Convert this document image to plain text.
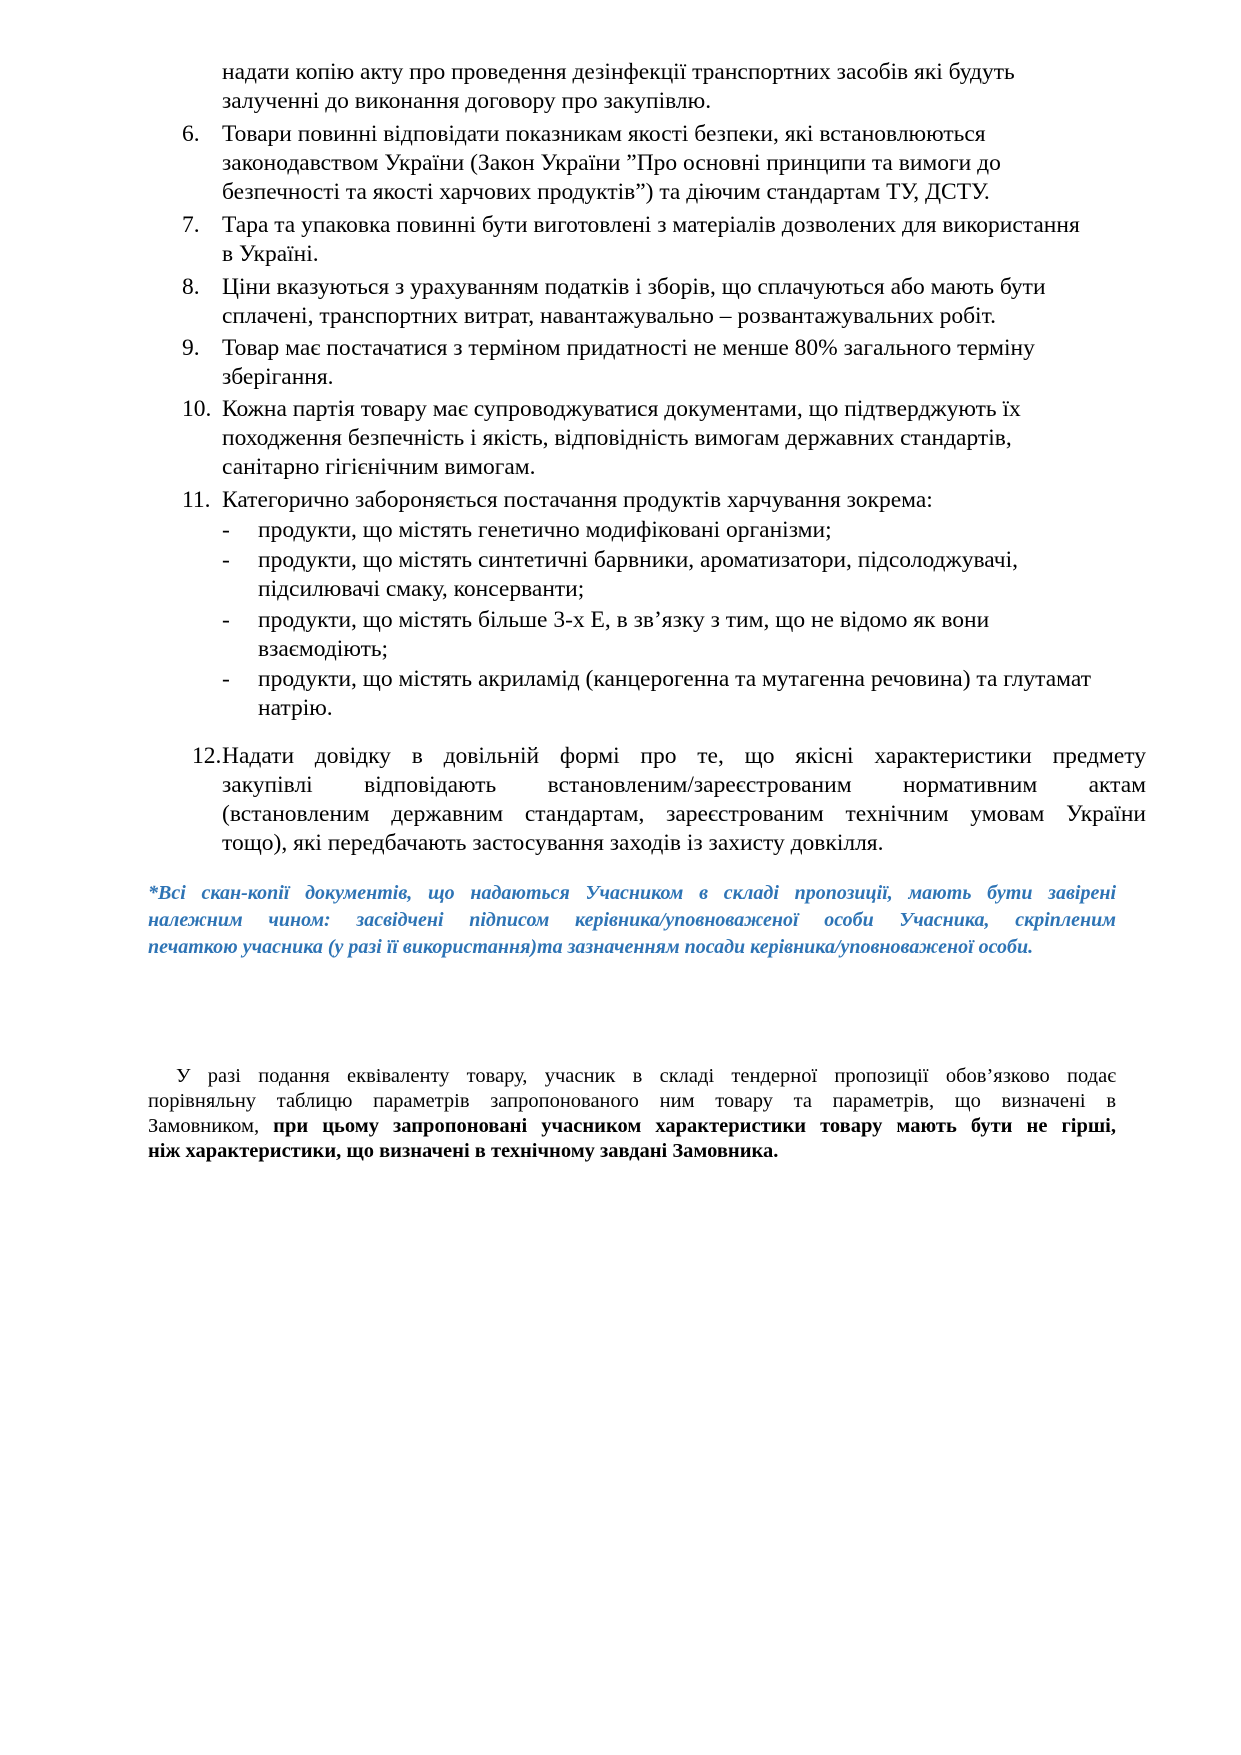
надати копію акту про проведення дезінфекції транспортних засобів які будуть
залученні до виконання договору про закупівлю.
6. Товари повинні відповідати показникам якості безпеки, які встановлюються
законодавством України (Закон України ”Про основні принципи та вимоги до
безпечності та якості харчових продуктів”) та діючим стандартам ТУ, ДСТУ.
7. Тара та упаковка повинні бути виготовлені з матеріалів дозволених для використання
в Україні.
8. Ціни вказуються з урахуванням податків і зборів, що сплачуються або мають бути
сплачені, транспортних витрат, навантажувально – розвантажувальних робіт.
9. Товар має постачатися з терміном придатності не менше 80% загального терміну
зберігання.
10. Кожна партія товару має супроводжуватися документами, що підтверджують їх
походження безпечність і якість, відповідність вимогам державних стандартів,
санітарно гігієнічним вимогам.
11. Категорично забороняється постачання продуктів харчування зокрема:
- продукти, що містять генетично модифіковані організми;
- продукти, що містять синтетичні барвники, ароматизатори, підсолоджувачі,
підсилювачі смаку, консерванти;
- продукти, що містять більше 3-х Е, в зв’язку з тим, що не відомо як вони
взаємодіють;
- продукти, що містять акриламід (канцерогенна та мутагенна речовина) та глутамат
натрію.
12. Надати довідку в довільній формі про те, що якісні характеристики предмету
закупівлі відповідають встановленим/зареєстрованим нормативним актам
(встановленим державним стандартам, зареєстрованим технічним умовам України
тощо), які передбачають застосування заходів із захисту довкілля.
*Всі скан-копії документів, що надаються Учасником в складі пропозиції, мають бути завірені
належним чином: засвідчені підписом керівника/уповноваженої особи Учасника, скріпленим
печаткою учасника (у разі її використання)та зазначенням посади керівника/уповноваженої особи.
У разі подання еквіваленту товару, учасник в складі тендерної пропозиції обов’язково подає
порівняльну таблицю параметрів запропонованого ним товару та параметрів, що визначені в
Замовником, при цьому запропоновані учасником характеристики товару мають бути не гірші,
ніж характеристики, що визначені в технічному завдані Замовника.
